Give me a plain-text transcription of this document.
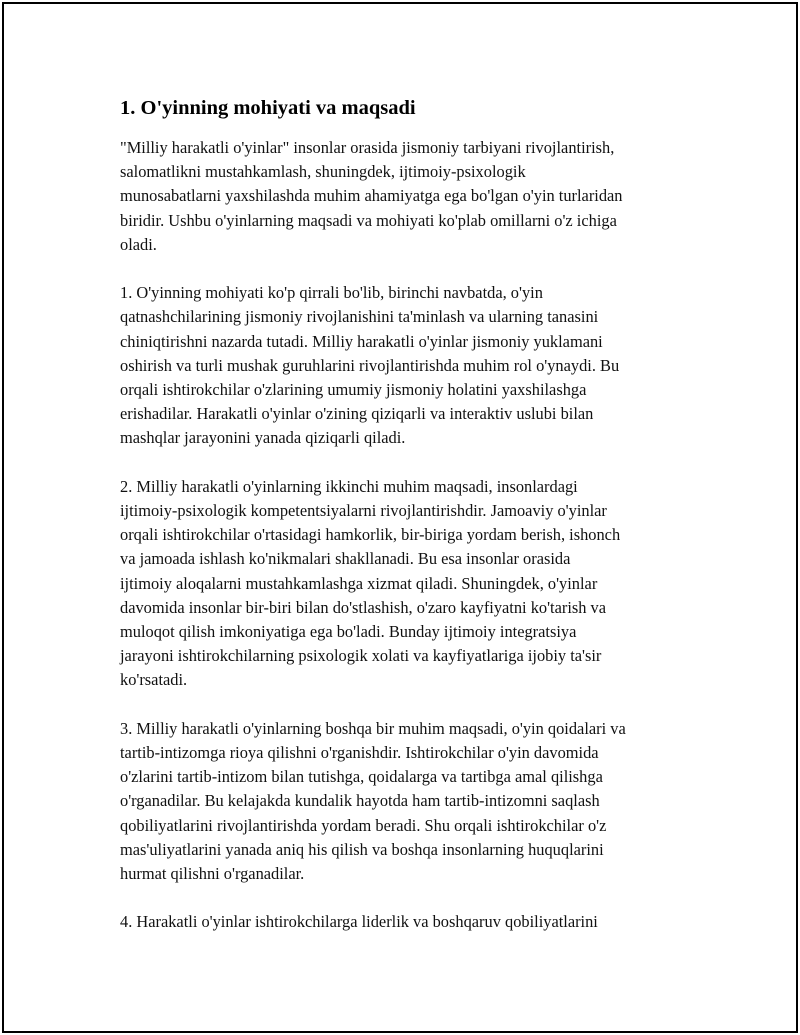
1. O'yinning mohiyati va maqsadi

"Milliy harakatli o'yinlar" insonlar orasida jismoniy tarbiyani rivojlantirish,
salomatlikni mustahkamlash, shuningdek, ijtimoiy-psixologik
munosabatlarni yaxshilashda muhim ahamiyatga ega bo'lgan o'yin turlaridan
biridir. Ushbu o'yinlarning maqsadi va mohiyati ko'plab omillarni o'z ichiga
oladi.

1. O'yinning mohiyati ko'p qirrali bo'lib, birinchi navbatda, o'yin
qatnashchilarining jismoniy rivojlanishini ta'minlash va ularning tanasini
chiniqtirishni nazarda tutadi. Milliy harakatli o'yinlar jismoniy yuklamani
oshirish va turli mushak guruhlarini rivojlantirishda muhim rol o'ynaydi. Bu
orqali ishtirokchilar o'zlarining umumiy jismoniy holatini yaxshilashga
erishadilar. Harakatli o'yinlar o'zining qiziqarli va interaktiv uslubi bilan
mashqlar jarayonini yanada qiziqarli qiladi.

2. Milliy harakatli o'yinlarning ikkinchi muhim maqsadi, insonlardagi
ijtimoiy-psixologik kompetentsiyalarni rivojlantirishdir. Jamoaviy o'yinlar
orqali ishtirokchilar o'rtasidagi hamkorlik, bir-biriga yordam berish, ishonch
va jamoada ishlash ko'nikmalari shakllanadi. Bu esa insonlar orasida
ijtimoiy aloqalarni mustahkamlashga xizmat qiladi. Shuningdek, o'yinlar
davomida insonlar bir-biri bilan do'stlashish, o'zaro kayfiyatni ko'tarish va
muloqot qilish imkoniyatiga ega bo'ladi. Bunday ijtimoiy integratsiya
jarayoni ishtirokchilarning psixologik xolati va kayfiyatlariga ijobiy ta'sir
ko'rsatadi.

3. Milliy harakatli o'yinlarning boshqa bir muhim maqsadi, o'yin qoidalari va
tartib-intizomga rioya qilishni o'rganishdir. Ishtirokchilar o'yin davomida
o'zlarini tartib-intizom bilan tutishga, qoidalarga va tartibga amal qilishga
o'rganadilar. Bu kelajakda kundalik hayotda ham tartib-intizomni saqlash
qobiliyatlarini rivojlantirishda yordam beradi. Shu orqali ishtirokchilar o'z
mas'uliyatlarini yanada aniq his qilish va boshqa insonlarning huquqlarini
hurmat qilishni o'rganadilar.

4. Harakatli o'yinlar ishtirokchilarga liderlik va boshqaruv qobiliyatlarini
